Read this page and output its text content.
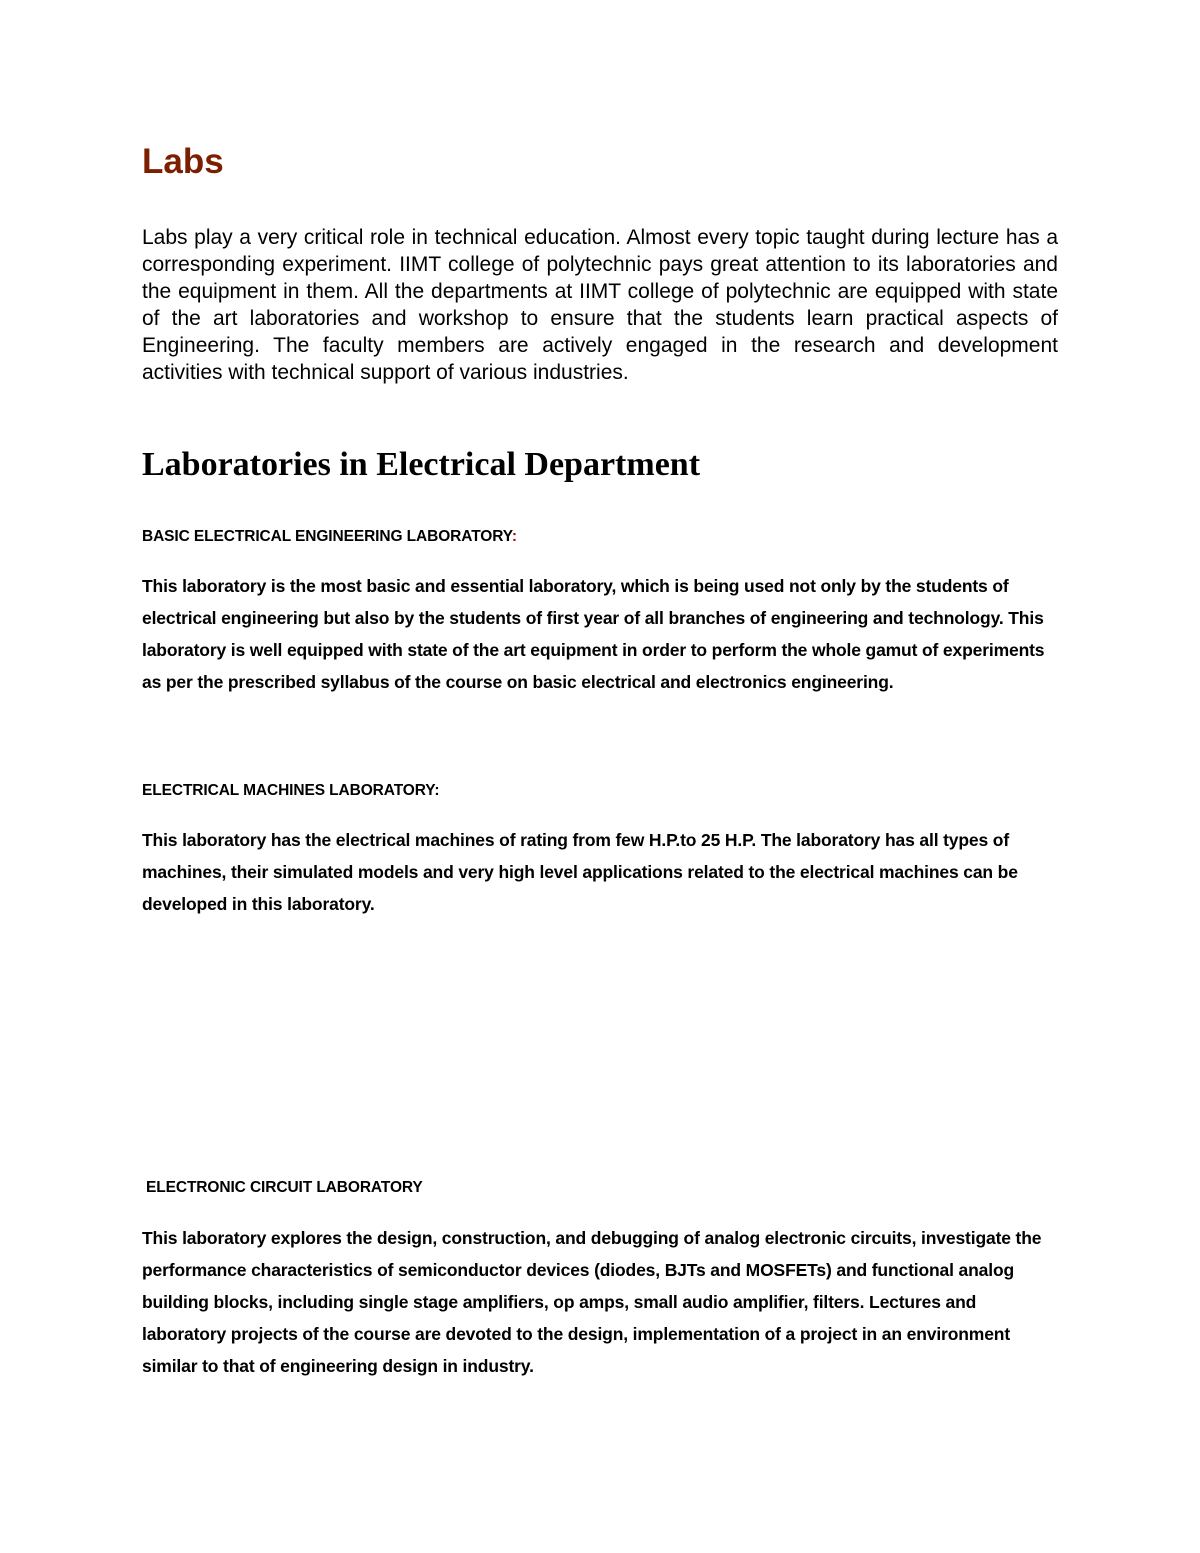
Labs

Labs play a very critical role in technical education. Almost every topic taught during lecture has a corresponding experiment. IIMT college of polytechnic pays great attention to its laboratories and the equipment in them. All the departments at IIMT college of polytechnic are equipped with state of the art laboratories and workshop to ensure that the students learn practical aspects of Engineering. The faculty members are actively engaged in the research and development activities with technical support of various industries.

Laboratories in Electrical Department
BASIC ELECTRICAL ENGINEERING LABORATORY:

This laboratory is the most basic and essential laboratory, which is being used not only by the students of electrical engineering but also by the students of first year of all branches of engineering and technology. This laboratory is well equipped with state of the art equipment in order to perform the whole gamut of experiments as per the prescribed syllabus of the course on basic electrical and electronics engineering.

ELECTRICAL MACHINES LABORATORY:

This laboratory has the electrical machines of rating from few H.P.to 25 H.P. The laboratory has all types of machines, their simulated models and very high level applications related to the electrical machines can be developed in this laboratory.

ELECTRONIC CIRCUIT LABORATORY

This laboratory explores the design, construction, and debugging of analog electronic circuits, investigate the performance characteristics of semiconductor devices (diodes, BJTs and MOSFETs) and functional analog building blocks, including single stage amplifiers, op amps, small audio amplifier, filters. Lectures and laboratory projects of the course are devoted to the design, implementation of a project in an environment similar to that of engineering design in industry.
